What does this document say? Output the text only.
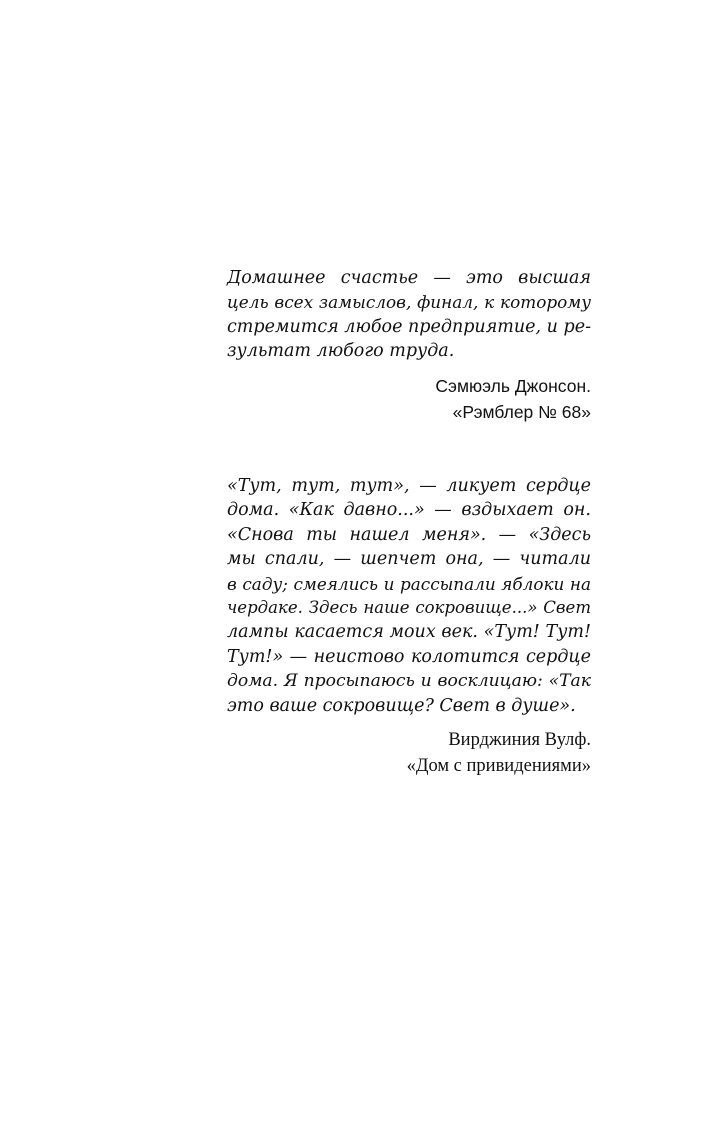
Домашнее счастье — это высшая
цель всех замыслов, финал, к которому
стремится любое предприятие, и ре-
зультат любого труда.

Сэмюэль Джонсон.
«Рэмблер № 68»

«Тут, тут, тут», — ликует сердце
дома. «Как давно...» — вздыхает он.
«Снова ты нашел меня». — «Здесь
мы спали, — шепчет она, — читали
в саду; смеялись и рассыпали яблоки на
чердаке. Здесь наше сокровище...» Свет
лампы касается моих век. «Тут! Тут!
Тут!» — неистово колотится сердце
дома. Я просыпаюсь и восклицаю: «Так
это ваше сокровище? Свет в душе».

Вирджиния Вулф.
«Дом с привидениями»
